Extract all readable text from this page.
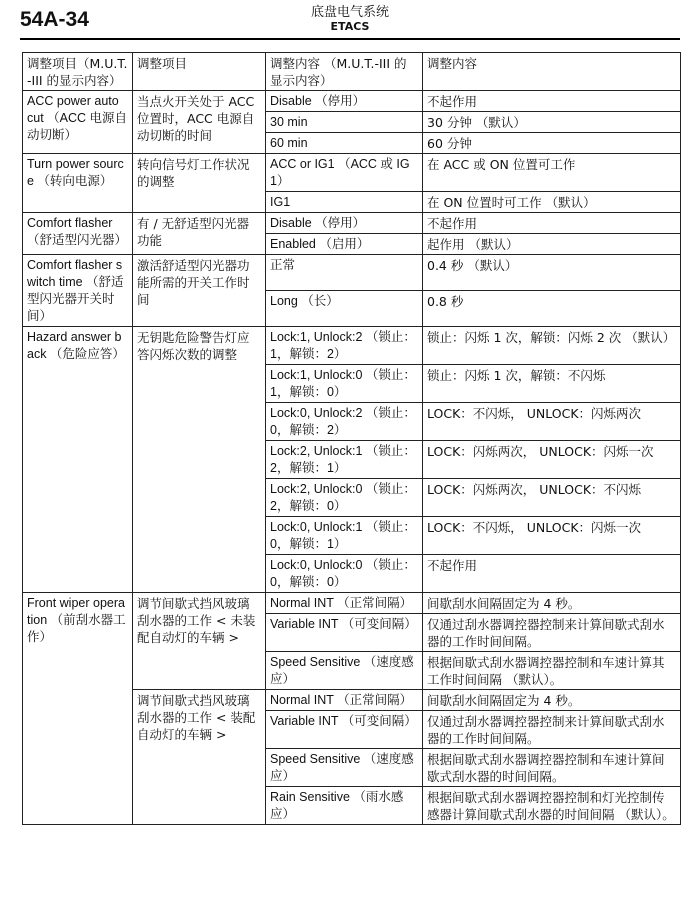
54A-34	底盘电气系统
ETACS
调整项目（M.U.T.-III 的显示内容）	调整项目	调整内容 （M.U.T.-III 的显示内容）	调整内容
ACC power auto cut （ACC 电源自动切断）	当点火开关处于 ACC 位置时，ACC 电源自动切断的时间	Disable （停用）	不起作用
		30 min	30 分钟 （默认）
		60 min	60 分钟
Turn power source （转向电源）	转向信号灯工作状况的调整	ACC or IG1 （ACC 或 IG1）	在 ACC 或 ON 位置可工作
		IG1	在 ON 位置时可工作 （默认）
Comfort flasher （舒适型闪光器）	有 / 无舒适型闪光器功能	Disable （停用）	不起作用
		Enabled （启用）	起作用 （默认）
Comfort flasher switch time （舒适型闪光器开关时间）	激活舒适型闪光器功能所需的开关工作时间	正常	0.4 秒 （默认）
		Long （长）	0.8 秒
Hazard answer back （危险应答）	无钥匙危险警告灯应答闪烁次数的调整	Lock:1, Unlock:2 （锁止：1，解锁：2）	锁止：闪烁 1 次，解锁：闪烁 2 次 （默认）
		Lock:1, Unlock:0 （锁止：1，解锁：0）	锁止：闪烁 1 次，解锁：不闪烁
		Lock:0, Unlock:2 （锁止：0，解锁：2）	LOCK：不闪烁， UNLOCK：闪烁两次
		Lock:2, Unlock:1 （锁止：2，解锁：1）	LOCK：闪烁两次， UNLOCK：闪烁一次
		Lock:2, Unlock:0 （锁止：2，解锁：0）	LOCK：闪烁两次， UNLOCK：不闪烁
		Lock:0, Unlock:1 （锁止：0，解锁：1）	LOCK：不闪烁， UNLOCK：闪烁一次
		Lock:0, Unlock:0 （锁止：0，解锁：0）	不起作用
Front wiper operation （前刮水器工作）	调节间歇式挡风玻璃刮水器的工作 < 未装配自动灯的车辆 >	Normal INT （正常间隔）	间歇刮水间隔固定为 4 秒。
		Variable INT （可变间隔）	仅通过刮水器调控器控制来计算间歇式刮水器的工作时间间隔。
		Speed Sensitive （速度感应）	根据间歇式刮水器调控器控制和车速计算其工作时间间隔 （默认）。
	调节间歇式挡风玻璃刮水器的工作 < 装配自动灯的车辆 >	Normal INT （正常间隔）	间歇刮水间隔固定为 4 秒。
		Variable INT （可变间隔）	仅通过刮水器调控器控制来计算间歇式刮水器的工作时间间隔。
		Speed Sensitive （速度感应）	根据间歇式刮水器调控器控制和车速计算间歇式刮水器的时间间隔。
		Rain Sensitive （雨水感应）	根据间歇式刮水器调控器控制和灯光控制传感器计算间歇式刮水器的时间间隔 （默认）。
